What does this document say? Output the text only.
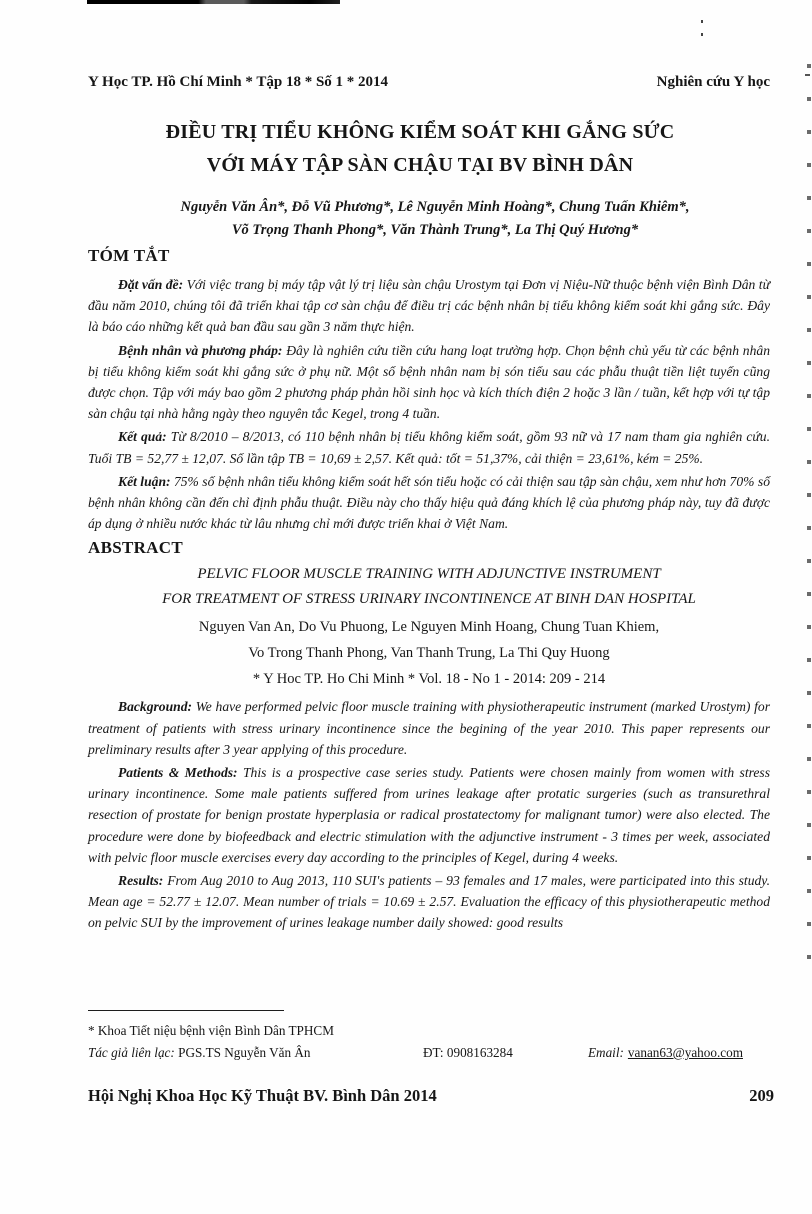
Y Học TP. Hồ Chí Minh * Tập 18 * Số 1 * 2014	Nghiên cứu Y học
ĐIỀU TRỊ TIỂU KHÔNG KIỂM SOÁT KHI GẮNG SỨC
VỚI MÁY TẬP SÀN CHẬU TẠI BV BÌNH DÂN
Nguyễn Văn Ân*, Đỗ Vũ Phương*, Lê Nguyễn Minh Hoàng*, Chung Tuấn Khiêm*,
Võ Trọng Thanh Phong*, Văn Thành Trung*, La Thị Quý Hương*
TÓM TẮT

Đặt vấn đề: Với việc trang bị máy tập vật lý trị liệu sàn chậu Urostym tại Đơn vị Niệu-Nữ thuộc bệnh viện Bình Dân từ đầu năm 2010, chúng tôi đã triển khai tập cơ sàn chậu để điều trị các bệnh nhân bị tiểu không kiểm soát khi gắng sức. Đây là báo cáo những kết quả ban đầu sau gần 3 năm thực hiện.

Bệnh nhân và phương pháp: Đây là nghiên cứu tiền cứu hang loạt trường hợp. Chọn bệnh chủ yếu từ các bệnh nhân bị tiểu không kiểm soát khi gắng sức ở phụ nữ. Một số bệnh nhân nam bị són tiểu sau các phẫu thuật tiền liệt tuyến cũng được chọn. Tập với máy bao gồm 2 phương pháp phản hồi sinh học và kích thích điện 2 hoặc 3 lần / tuần, kết hợp với tự tập sàn chậu tại nhà hằng ngày theo nguyên tắc Kegel, trong 4 tuần.

Kết quả: Từ 8/2010 – 8/2013, có 110 bệnh nhân bị tiểu không kiểm soát, gồm 93 nữ và 17 nam tham gia nghiên cứu. Tuổi TB = 52,77 ± 12,07. Số lần tập TB = 10,69 ± 2,57. Kết quả: tốt = 51,37%, cải thiện = 23,61%, kém = 25%.

Kết luận: 75% số bệnh nhân tiểu không kiểm soát hết són tiểu hoặc có cải thiện sau tập sàn chậu, xem như hơn 70% số bệnh nhân không cần đến chỉ định phẫu thuật. Điều này cho thấy hiệu quả đáng khích lệ của phương pháp này, tuy đã được áp dụng ở nhiều nước khác từ lâu nhưng chỉ mới được triển khai ở Việt Nam.

ABSTRACT

PELVIC FLOOR MUSCLE TRAINING WITH ADJUNCTIVE INSTRUMENT
FOR TREATMENT OF STRESS URINARY INCONTINENCE AT BINH DAN HOSPITAL

Nguyen Van An, Do Vu Phuong, Le Nguyen Minh Hoang, Chung Tuan Khiem,
Vo Trong Thanh Phong, Van Thanh Trung, La Thi Quy Huong

* Y Hoc TP. Ho Chi Minh * Vol. 18 - No 1 - 2014: 209 - 214

Background: We have performed pelvic floor muscle training with physiotherapeutic instrument (marked Urostym) for treatment of patients with stress urinary incontinence since the begining of the year 2010. This paper represents our preliminary results after 3 year applying of this procedure.

Patients & Methods: This is a prospective case series study. Patients were chosen mainly from women with stress urinary incontinence. Some male patients suffered from urines leakage after protatic surgeries (such as transurethral resection of prostate for benign prostate hyperplasia or radical prostatectomy for malignant tumor) were also elected. The procedure were done by biofeedback and electric stimulation with the adjunctive instrument - 3 times per week, associated with pelvic floor muscle exercises every day according to the principles of Kegel, during 4 weeks.

Results: From Aug 2010 to Aug 2013, 110 SUI's patients – 93 females and 17 males, were participated into this study. Mean age = 52.77 ± 12.07. Mean number of trials = 10.69 ± 2.57. Evaluation the efficacy of this physiotherapeutic method on pelvic SUI by the improvement of urines leakage number daily showed: good results

* Khoa Tiết niệu bệnh viện Bình Dân TPHCM
Tác giả liên lạc: PGS.TS Nguyễn Văn Ân	ĐT: 0908163284	Email: vanan63@yahoo.com
Hội Nghị Khoa Học Kỹ Thuật BV. Bình Dân 2014	209
